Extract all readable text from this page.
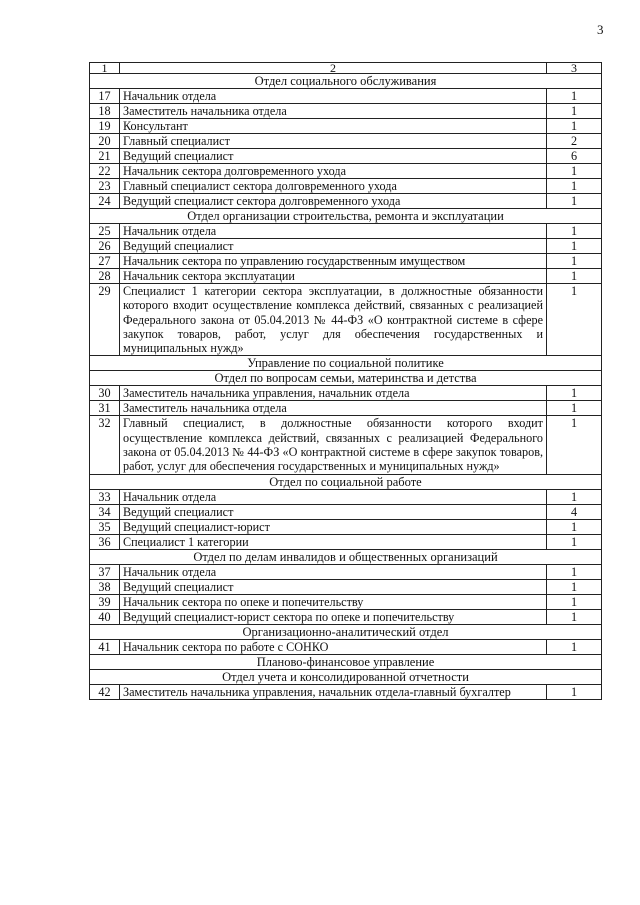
3
1	2	3
Отдел социального обслуживания		
17	Начальник отдела	1
18	Заместитель начальника отдела	1
19	Консультант	1
20	Главный специалист	2
21	Ведущий специалист	6
22	Начальник сектора долговременного ухода	1
23	Главный специалист сектора долговременного ухода	1
24	Ведущий специалист сектора долговременного ухода	1
Отдел организации строительства, ремонта и эксплуатации		
25	Начальник отдела	1
26	Ведущий специалист	1
27	Начальник сектора по управлению государственным имуществом	1
28	Начальник сектора эксплуатации	1
29	Специалист 1 категории сектора эксплуатации, в должностные обязанности которого входит осуществление комплекса действий, связанных с реализацией Федерального закона от 05.04.2013 № 44-ФЗ «О контрактной системе в сфере закупок товаров, работ, услуг для обеспечения государственных и муниципальных нужд»	1
Управление по социальной политике		
Отдел по вопросам семьи, материнства и детства		
30	Заместитель начальника управления, начальник отдела	1
31	Заместитель начальника отдела	1
32	Главный специалист, в должностные обязанности которого входит осуществление комплекса действий, связанных с реализацией Федерального закона от 05.04.2013 № 44-ФЗ «О контрактной системе в сфере закупок товаров, работ, услуг для обеспечения государственных и муниципальных нужд»	1
Отдел по социальной работе		
33	Начальник отдела	1
34	Ведущий специалист	4
35	Ведущий специалист-юрист	1
36	Специалист 1 категории	1
Отдел по делам инвалидов и общественных организаций		
37	Начальник отдела	1
38	Ведущий специалист	1
39	Начальник сектора по опеке и попечительству	1
40	Ведущий специалист-юрист сектора по опеке и попечительству	1
Организационно-аналитический отдел		
41	Начальник сектора по работе с СОНКО	1
Планово-финансовое управление		
Отдел учета и консолидированной отчетности		
42	Заместитель начальника управления, начальник отдела-главный бухгалтер	1
